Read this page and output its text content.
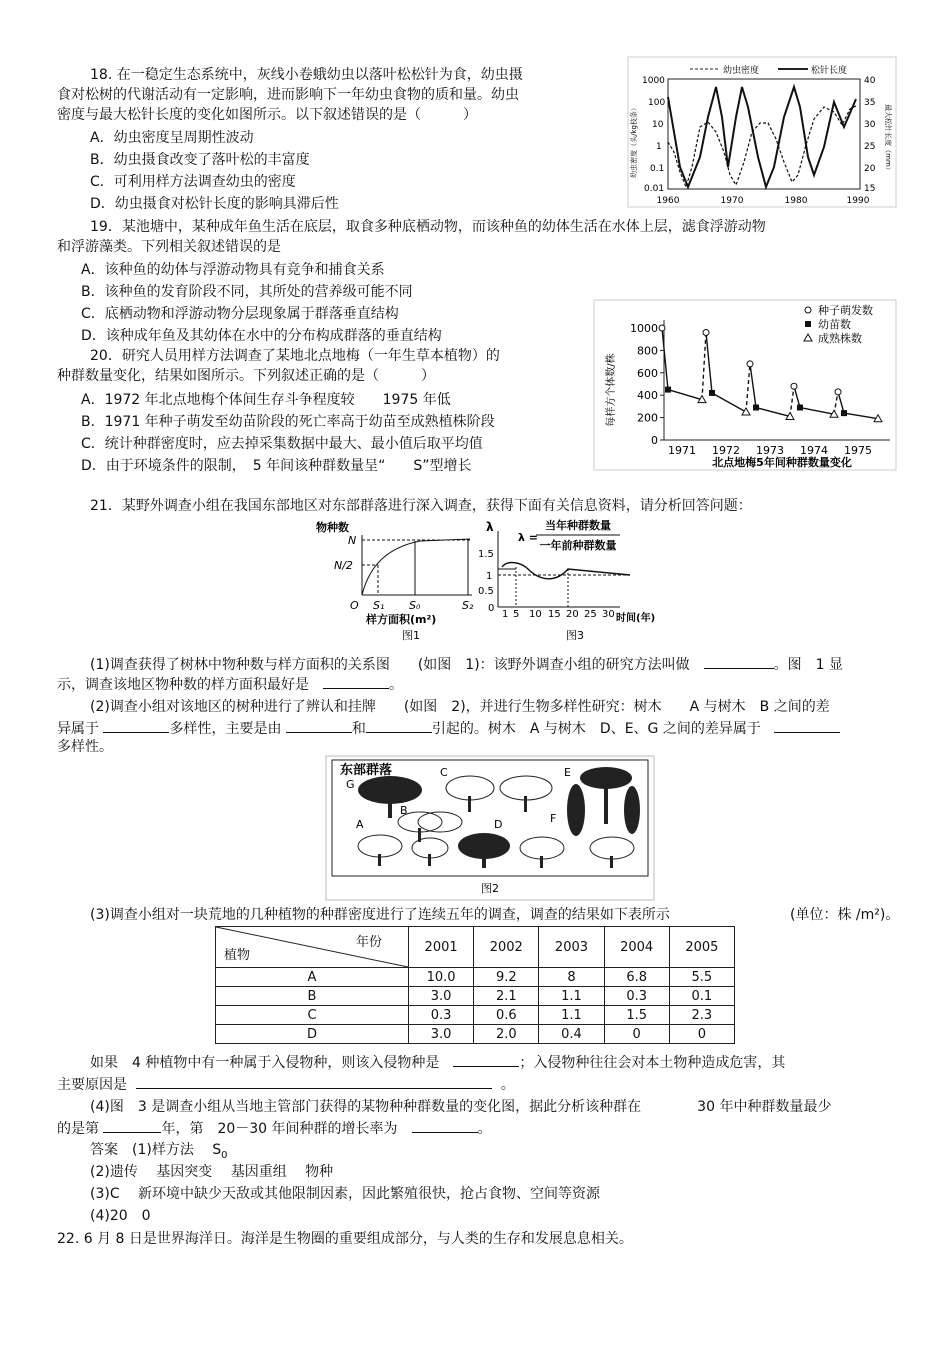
18. 在一稳定生态系统中，灰线小卷蛾幼虫以落叶松松针为食，幼虫摄
食对松树的代谢活动有一定影响，进而影响下一年幼虫食物的质和量。幼虫
密度与最大松针长度的变化如图所示。以下叙述错误的是（　　　）
A．幼虫密度呈周期性波动
B．幼虫摄食改变了落叶松的丰富度
C．可利用样方法调查幼虫的密度
D．幼虫摄食对松针长度的影响具滞后性
幼虫密度	松针长度
1000
100
10
1
0.1
0.01
40
35
30
25
20
15
幼虫密度（头/kg枝条）	最大松针长度（mm）
1960	1970	1980	1990
19．某池塘中，某种成年鱼生活在底层，取食多种底栖动物，而该种鱼的幼体生活在水体上层，滤食浮游动物
和浮游藻类。下列相关叙述错误的是
A．该种鱼的幼体与浮游动物具有竞争和捕食关系
B．该种鱼的发育阶段不同，其所处的营养级可能不同
C．底栖动物和浮游动物分层现象属于群落垂直结构
D．该种成年鱼及其幼体在水中的分布构成群落的垂直结构
20．研究人员用样方法调查了某地北点地梅（一年生草本植物）的
种群数量变化，结果如图所示。下列叙述正确的是（　　　）
A．1972 年北点地梅个体间生存斗争程度较　　1975 年低
B．1971 年种子萌发至幼苗阶段的死亡率高于幼苗至成熟植株阶段
C．统计种群密度时，应去掉采集数据中最大、最小值后取平均值
D．由于环境条件的限制，　5 年间该种群数量呈“　　S”型增长
每样方个体数/株
种子萌发数
幼苗数
成熟株数
1000
800
600
400
200
0
1971 1972 1973 1974 1975
北点地梅5年间种群数量变化
21．某野外调查小组在我国东部地区对东部群落进行深入调查，获得下面有关信息资料，请分析回答问题：
物种数
N
N/2
O S₁ S₀	S₂
样方面积(m²)
图1
λ
λ =
当年种群数量
一年前种群数量
1.5
1
0.5
0
1 5 10 15 20 25 30 时间(年)
图3
(1)调查获得了树林中物种数与样方面积的关系图　　(如图　1)：该野外调查小组的研究方法叫做　	。图　1 显
示，调查该地区物种数的样方面积最好是　	。
(2)调查小组对该地区的树种进行了辨认和挂牌　　(如图　2)，并进行生物多样性研究：树木　　A 与树木　B 之间的差
异属于	多样性，主要是由	和	引起的。树木　A 与树木　D、E、G 之间的差异属于
多样性。
东部群落
G
C	E
A
B
D	F
图2
(3)调查小组对一块荒地的几种植物的种群密度进行了连续五年的调查，调查的结果如下表所示	(单位：株 /m²)。
年份
植物	2001	2002	2003	2004	2005
A	10.0	9.2	8	6.8	5.5
B	3.0	2.1	1.1	0.3	0.1
C	0.3	0.6	1.1	1.5	2.3
D	3.0	2.0	0.4	0	0
如果　4 种植物中有一种属于入侵物种，则该入侵物种是　	；入侵物种往往会对本土物种造成危害，其
主要原因是	。
(4)图　3 是调查小组从当地主管部门获得的某物种种群数量的变化图，据此分析该种群在　　　　30 年中种群数量最少
的是第	年，第　20－30 年间种群的增长率为　	。
答案　(1)样方法　 $S_0$
(2)遗传　 基因突变　 基因重组　 物种
(3)C　 新环境中缺少天敌或其他限制因素，因此繁殖很快，抢占食物、空间等资源
(4)20　0
22. 6 月 8 日是世界海洋日。海洋是生物圈的重要组成部分，与人类的生存和发展息息相关。
